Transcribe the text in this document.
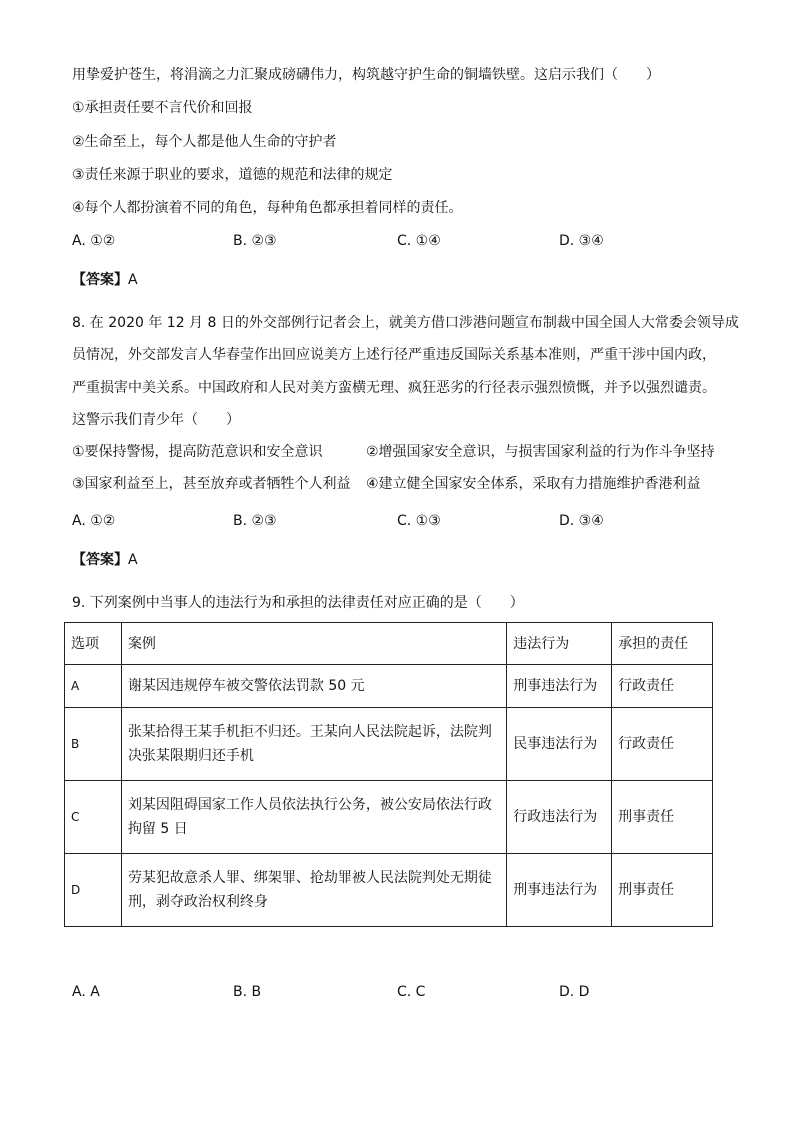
用挚爱护苍生，将涓滴之力汇聚成磅礴伟力，构筑越守护生命的铜墙铁壁。这启示我们（　　）
①承担责任要不言代价和回报
②生命至上，每个人都是他人生命的守护者
③责任来源于职业的要求，道德的规范和法律的规定
④每个人都扮演着不同的角色，每种角色都承担着同样的责任。
A. ①②	B. ②③	C. ①④	D. ③④
【答案】A
8. 在 2020 年 12 月 8 日的外交部例行记者会上，就美方借口涉港问题宣布制裁中国全国人大常委会领导成
员情况，外交部发言人华春莹作出回应说美方上述行径严重违反国际关系基本准则，严重干涉中国内政，
严重损害中美关系。中国政府和人民对美方蛮横无理、疯狂恶劣的行径表示强烈愤慨，并予以强烈谴责。
这警示我们青少年（　　）
①要保持警惕，提高防范意识和安全意识	②增强国家安全意识，与损害国家利益的行为作斗争坚持
③国家利益至上，甚至放弃或者牺牲个人利益 ④建立健全国家安全体系，采取有力措施维护香港利益
A. ①②	B. ②③	C. ①③	D. ③④
【答案】A
9. 下列案例中当事人的违法行为和承担的法律责任对应正确的是（　　）
选项	案例	违法行为	承担的责任
A	谢某因违规停车被交警依法罚款 50 元	刑事违法行为	行政责任
B	张某拾得王某手机拒不归还。王某向人民法院起诉，法院判决张某限期归还手机	民事违法行为	行政责任
C	刘某因阻碍国家工作人员依法执行公务，被公安局依法行政拘留 5 日	行政违法行为	刑事责任
D	劳某犯故意杀人罪、绑架罪、抢劫罪被人民法院判处无期徒刑，剥夺政治权利终身	刑事违法行为	刑事责任
A. A	B. B	C. C	D. D
